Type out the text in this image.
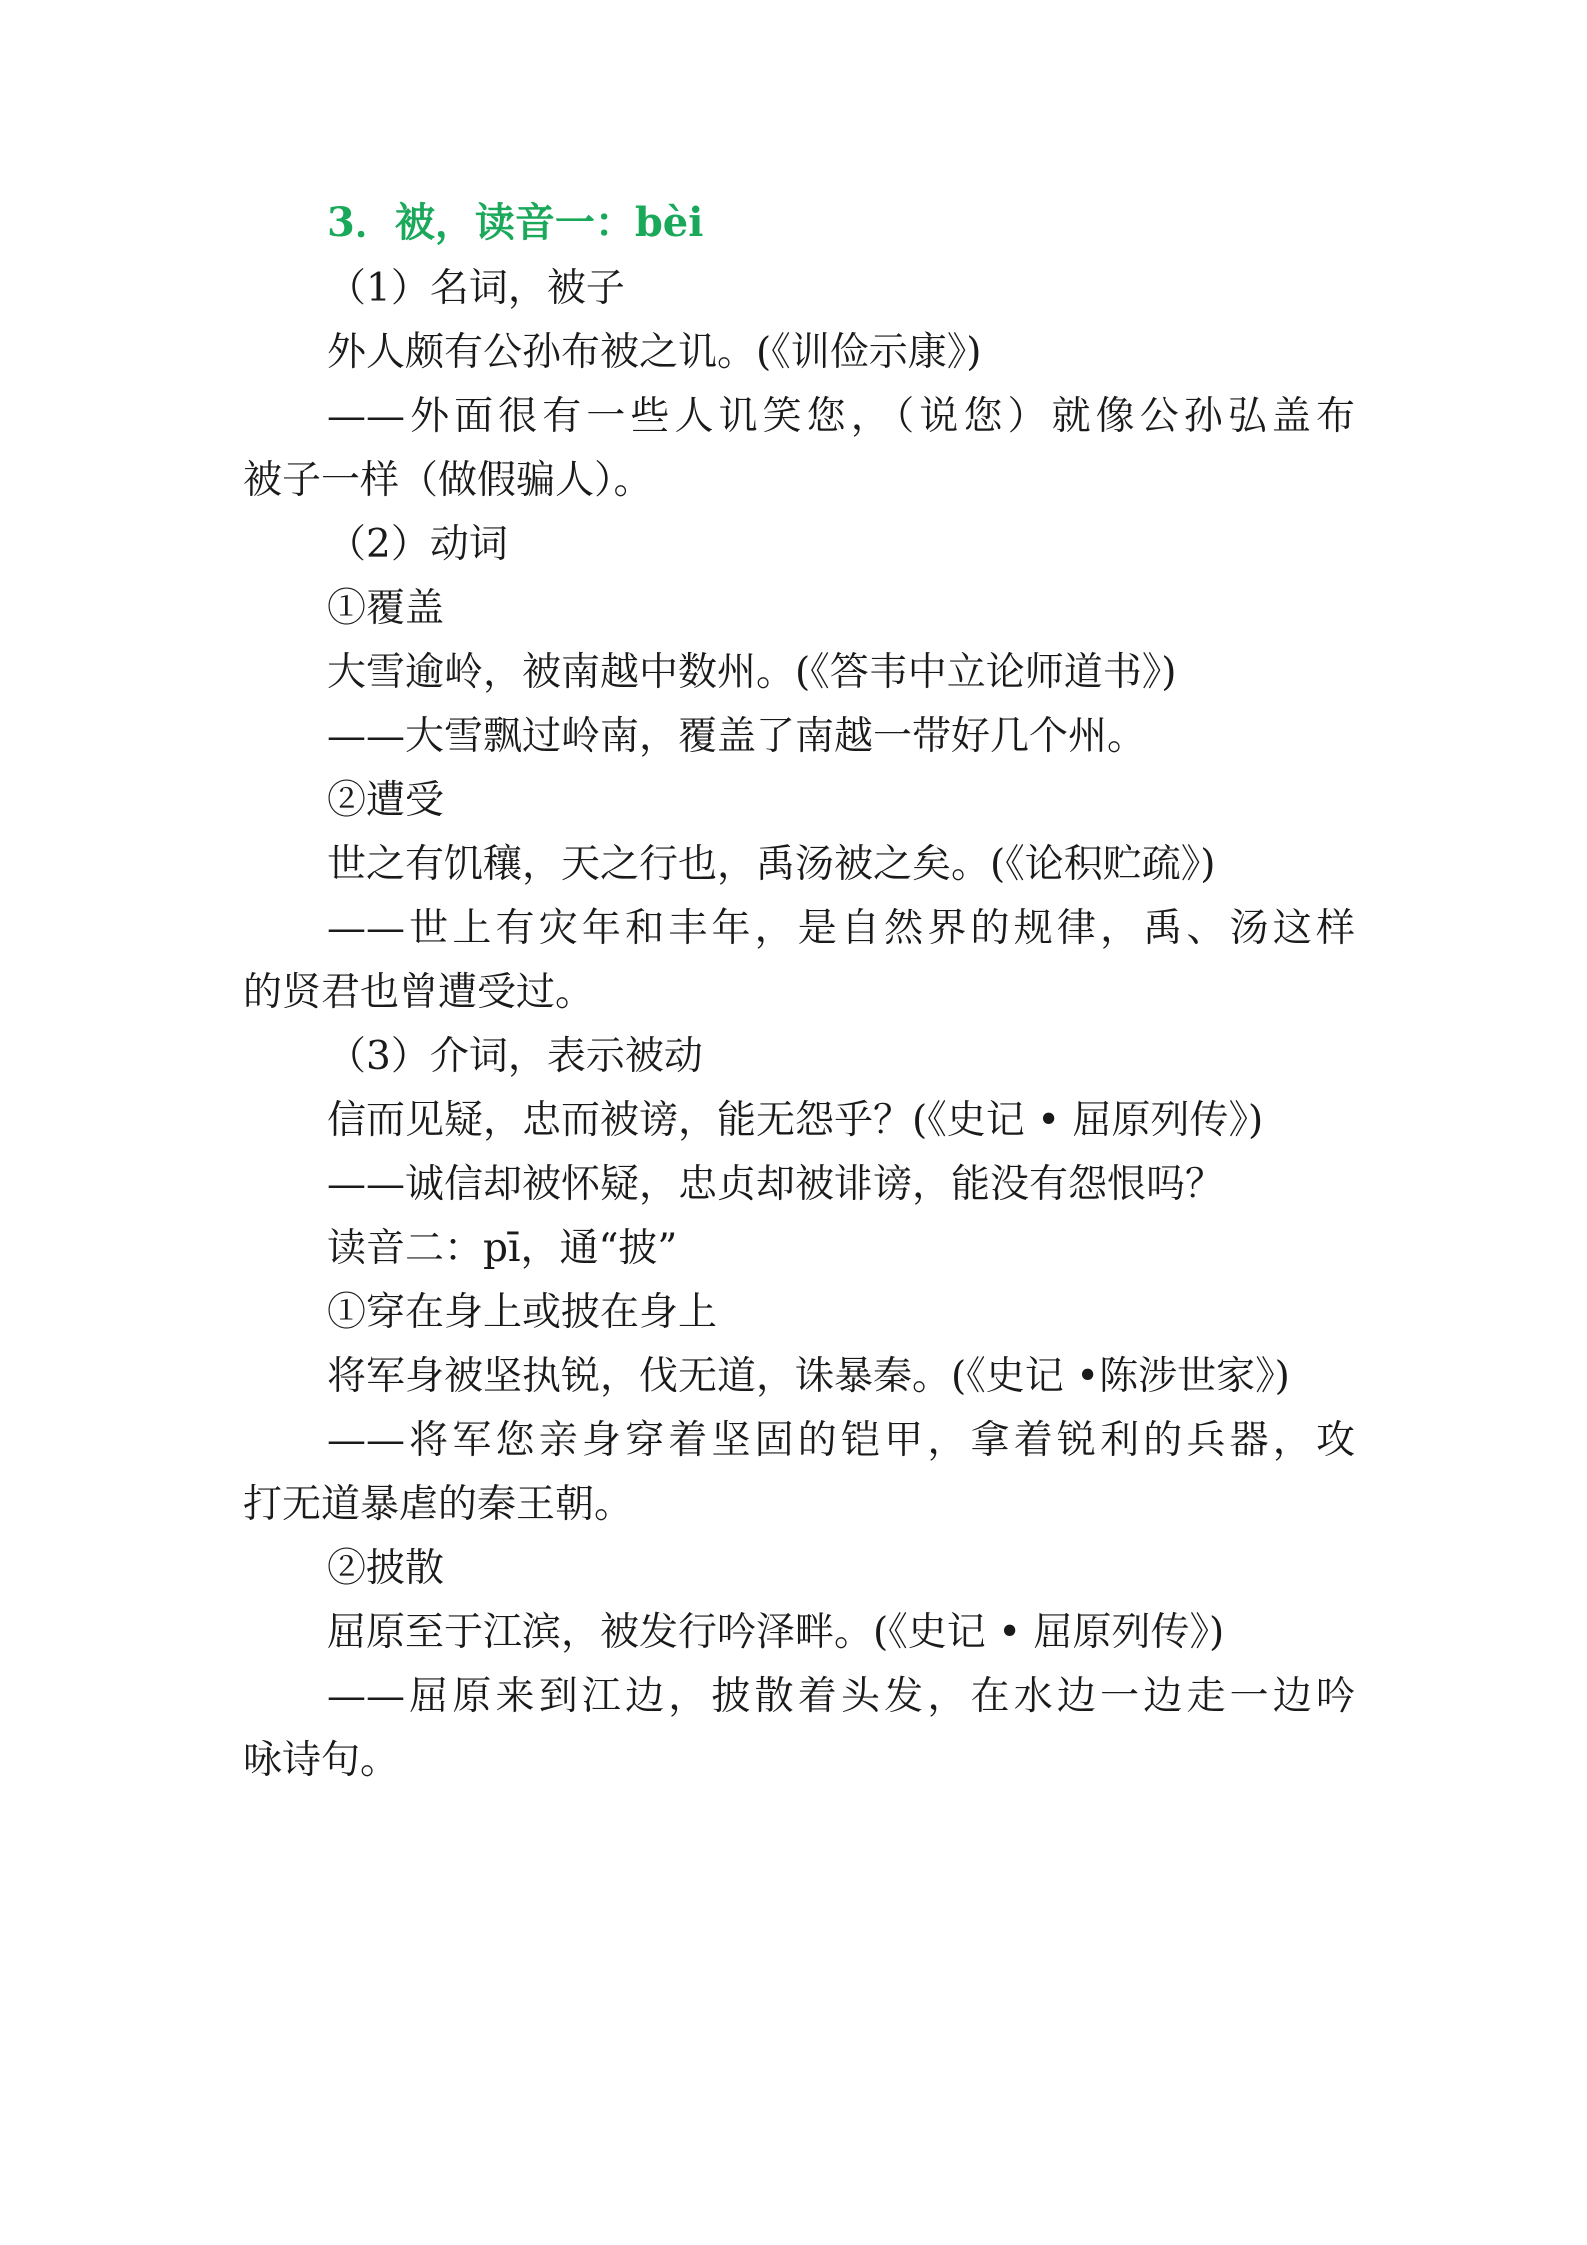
3．被，读音一：bèi
（1）名词，被子
外人颇有公孙布被之讥。(《训俭示康》)
——外面很有一些人讥笑您，（说您）就像公孙弘盖布
被子一样（做假骗人）。
（2）动词
①覆盖
大雪逾岭，被南越中数州。(《答韦中立论师道书》)
——大雪飘过岭南，覆盖了南越一带好几个州。
②遭受
世之有饥穰，天之行也，禹汤被之矣。(《论积贮疏》)
——世上有灾年和丰年，是自然界的规律，禹、汤这样
的贤君也曾遭受过。
（3）介词，表示被动
信而见疑，忠而被谤，能无怨乎？(《史记 • 屈原列传》)
——诚信却被怀疑，忠贞却被诽谤，能没有怨恨吗？
读音二：pī，通“披”
①穿在身上或披在身上
将军身被坚执锐，伐无道，诛暴秦。(《史记 •陈涉世家》)
——将军您亲身穿着坚固的铠甲，拿着锐利的兵器，攻
打无道暴虐的秦王朝。
②披散
屈原至于江滨，被发行吟泽畔。(《史记 • 屈原列传》)
——屈原来到江边，披散着头发，在水边一边走一边吟
咏诗句。
